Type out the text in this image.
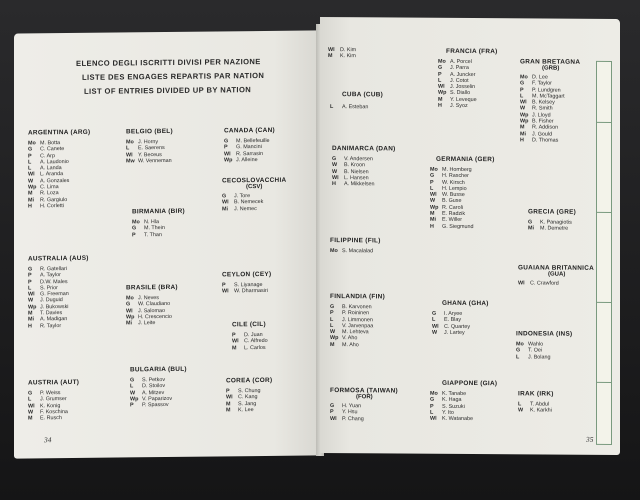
ELENCO DEGLI ISCRITTI DIVISI PER NAZIONE
LISTE DES ENGAGES REPARTIS PAR NATION
LIST OF ENTRIES DIVIDED UP BY NATION
ARGENTINA (ARG)
Mo M. Botta
G C. Canete
P C. Arp
L A. Laudonio
L A. Landa
Wl L. Aranda
W A. Gonzales
Wp C. Lima
M R. Loza
Mi R. Gargiulo
H H. Corletti
BELGIO (BEL)
Mo J. Hornу
L E. Saerens
Wl Y. Beceus
Mw W. Venneman
CANADA (CAN)
G M. Bellefeuille
P G. Mancini
Wl R. Sarrasin
Wp J. Alleine
BIRMANIA (BIR)
Mo N. Hla
G M. Thein
P T. Than
CECOSLOVACCHIA
(CSV)
G J. Tore
Wl B. Nemecek
Mi J. Nemec
AUSTRALIA (AUS)
G R. Gatellari
P A. Taylor
P D.W. Males
L S. Prior
Wl G. Freeman
W J. Duguid
Wp J. Bukowski
M T. Davies
Mi A. Madigan
H R. Taylor
BRASILE (BRA)
Mo J. Neves
G W. Claudiano
Wl J. Salomao
Wp H. Crescencio
Mi J. Leite
CEYLON (CEY)
P S. Liyanage
Wl W. Dharmasiri
CILE (CIL)
P D. Juan
Wl C. Alfredo
M L. Carlos
BULGARIA (BUL)
G S. Petkov
L D. Stoilov
W A. Mitzev
Wp V. Paparizov
P P. Spassov
AUSTRIA (AUT)
G P. Weiss
L J. Grumser
Wl K. Konig
W F. Koschina
M E. Rusch
COREA (COR)
P S. Chung
Wl C. Kang
M S. Jang
M K. Lee
34
Wl D. Kim
M K. Kim
FRANCIA (FRA)
Mo A. Porcel
G J. Parra
P A. Juncker
L J. Cotot
Wl J. Josselin
Wp S. Diallo
M Y. Leveque
H J. Syoz
GRAN BRETAGNA
(GRB)
Mo D. Lee
G F. Taylor
P P. Lundgren
L M. McTaggart
Wl B. Kelsey
W R. Smith
Wp J. Lloyd
Wp B. Fisher
M R. Addison
Mi J. Gould
H D. Thomas
CUBA (CUB)
L A. Esteban
DANIMARCA (DAN)
G V. Andersen
W B. Kroon
W B. Nielsen
Wl L. Hansen
H A. Mikkelsen
GERMANIA (GER)
Mo M. Homberg
G H. Rascher
P W. Kirsch
L H. Lempio
Wl W. Busse
W B. Guse
Wp R. Caroli
M E. Radzik
Mi E. Willer
H G. Siegmund
GRECIA (GRE)
G K. Panagiotis
Mi M. Demetre
FILIPPINE (FIL)
Mo S. Macalalad
GUAIANA BRITANNICA
(GUA)
Wl C. Crawford
FINLANDIA (FIN)
G B. Karvonen
P P. Roininen
L J. Limmonen
L V. Jarvenpaa
W M. Lehteva
Wp V. Aho
M M. Aho
GHANA (GHA)
G I. Aryee
L E. Blay
Wl C. Quartey
W J. Lartey	INDONESIA (INS)
Mo Wahlo
G T. Oei
L J. Bolang
FORMOSA (TAIWAN)
(FOR)
G H. Yuan
P Y. Hsu
Wl P. Chang
GIAPPONE (GIA)
Mo K. Tanabe
G K. Haga
P S. Suzuki
L Y. Ito
Wl K. Watanabe
IRAK (IRK)
L T. Abdul
W K. Karkhi
35
